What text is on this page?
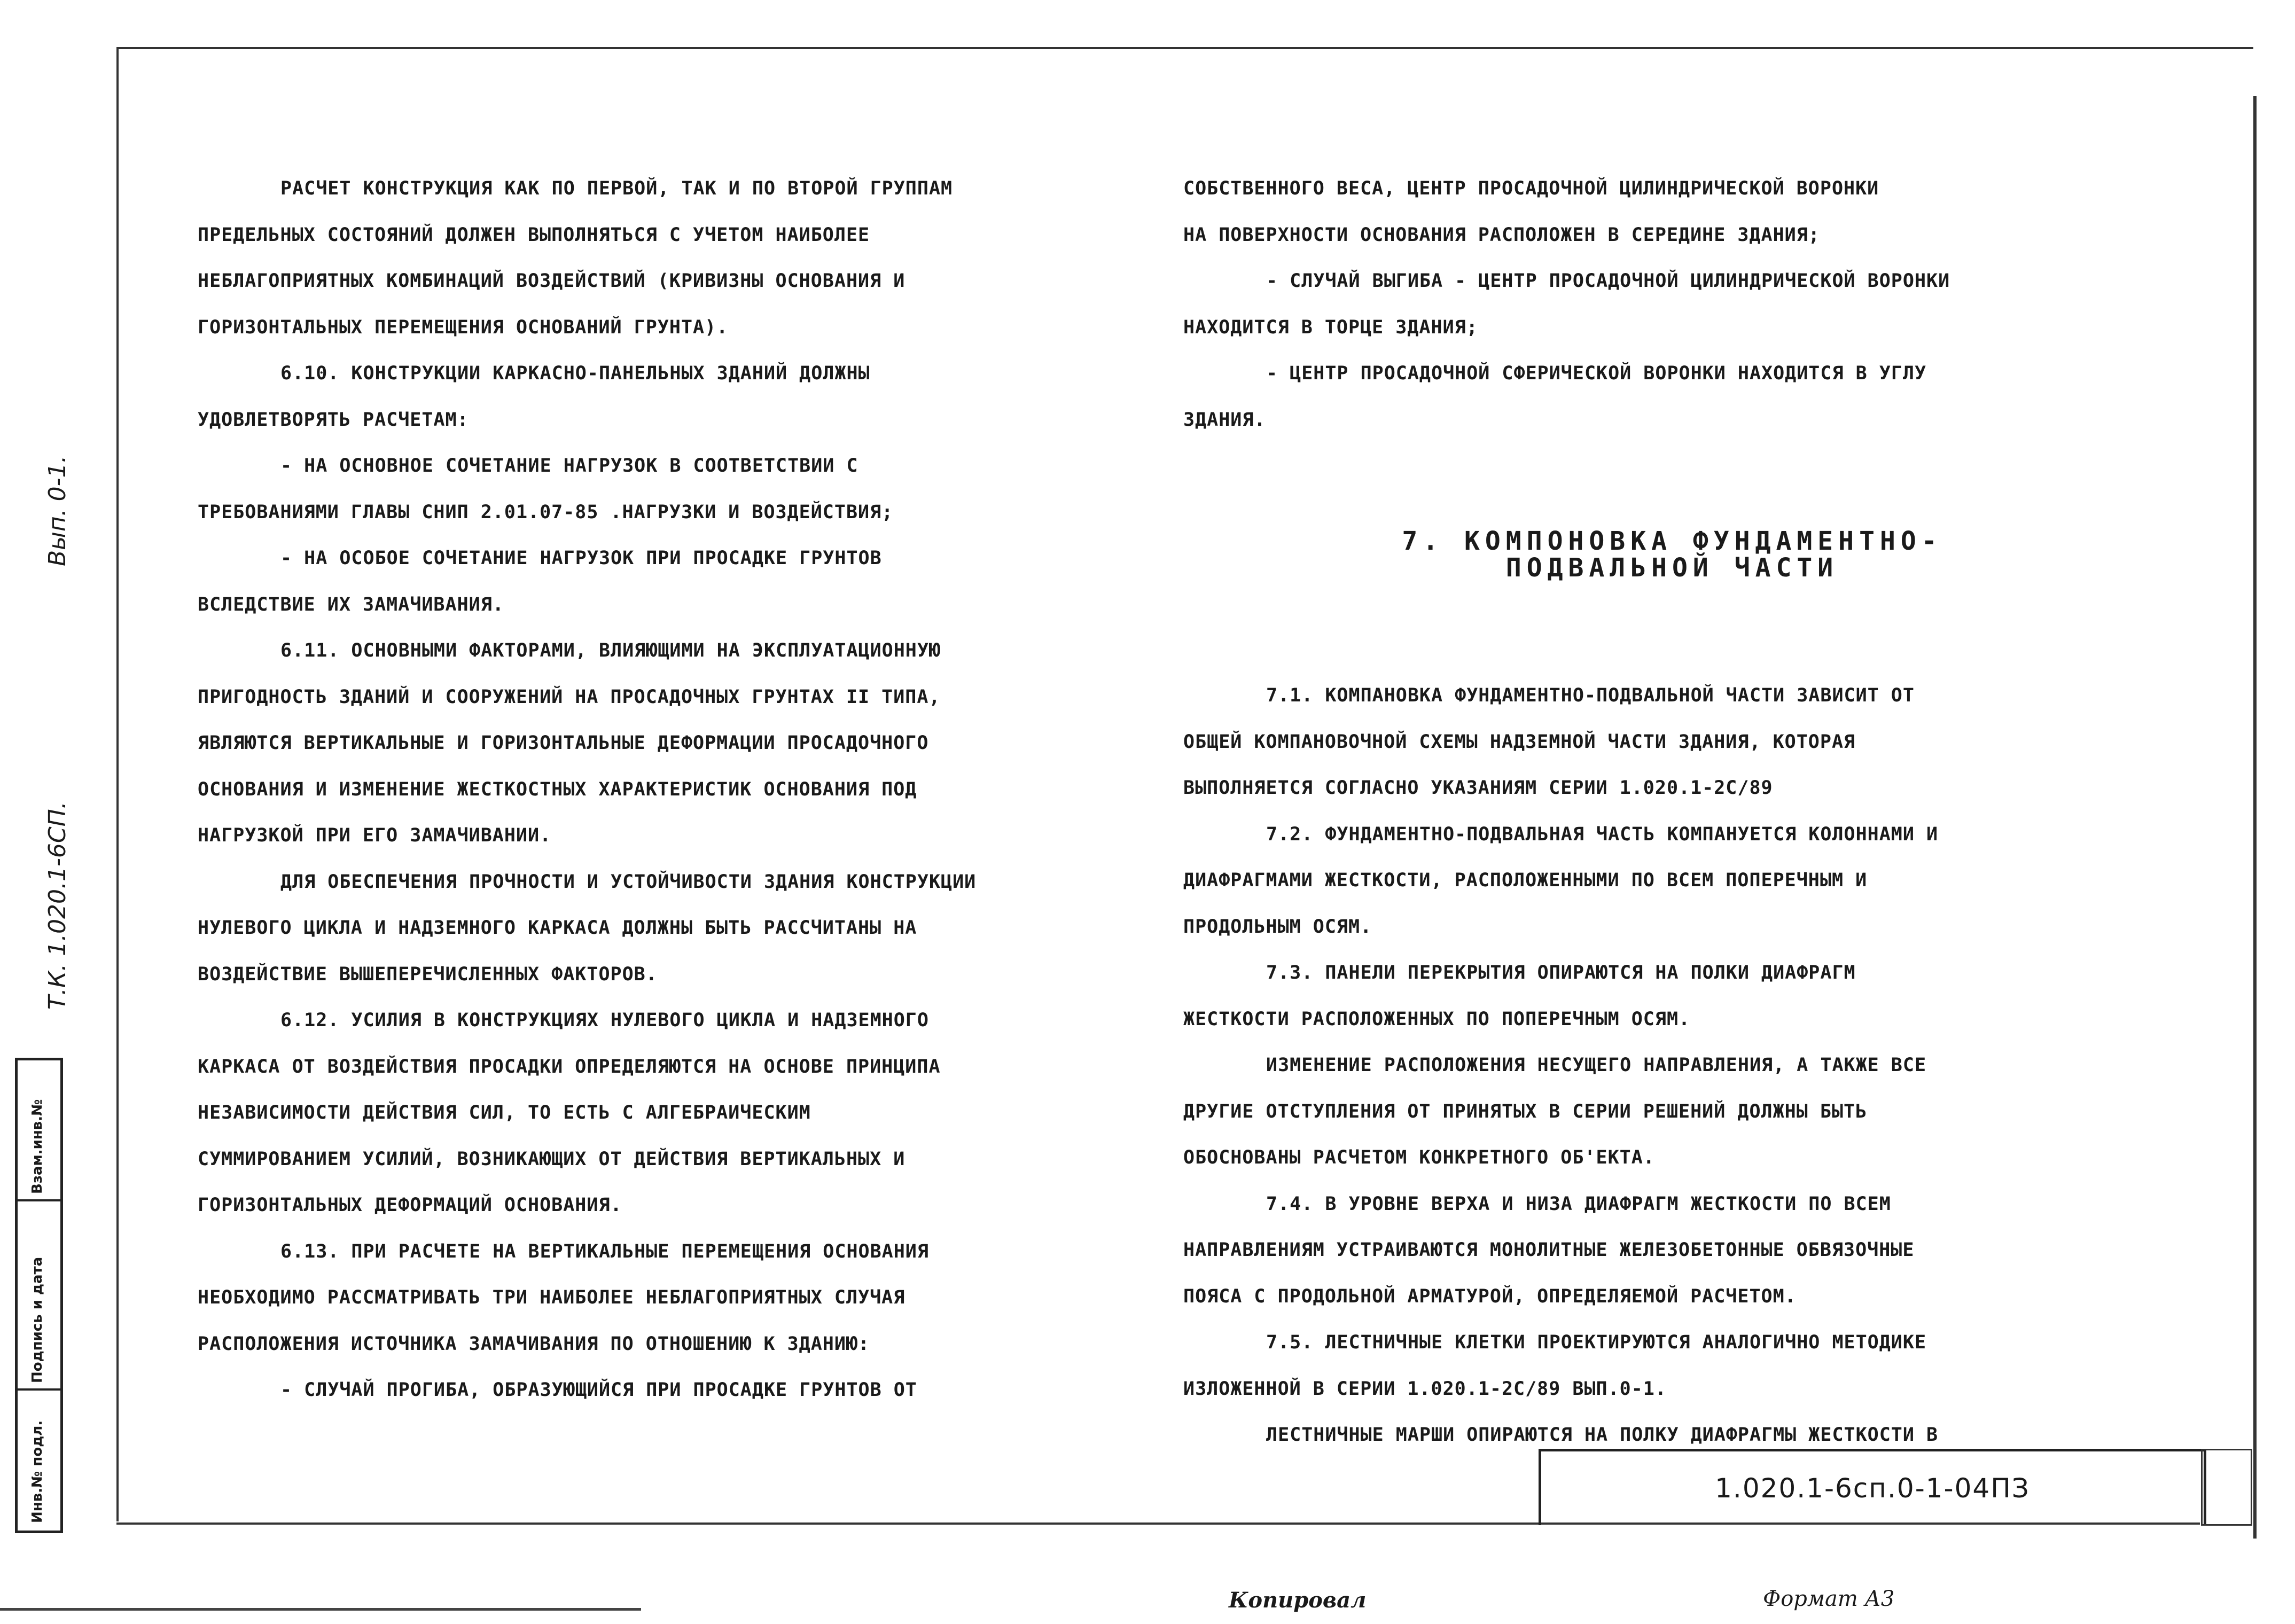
Вып. 0-1.
Т.К. 1.020.1-6СП.
Взам.инв.№
Подпись и дата
Инв.№ подл.
РАСЧЕТ КОНСТРУКЦИЯ КАК ПО ПЕРВОЙ, ТАК И ПО ВТОРОЙ ГРУППАМ
ПРЕДЕЛЬНЫХ СОСТОЯНИЙ ДОЛЖЕН ВЫПОЛНЯТЬСЯ С УЧЕТОМ НАИБОЛЕЕ
НЕБЛАГОПРИЯТНЫХ КОМБИНАЦИЙ ВОЗДЕЙСТВИЙ (КРИВИЗНЫ ОСНОВАНИЯ И
ГОРИЗОНТАЛЬНЫХ ПЕРЕМЕЩЕНИЯ ОСНОВАНИЙ ГРУНТА).
6.10. КОНСТРУКЦИИ КАРКАСНО-ПАНЕЛЬНЫХ ЗДАНИЙ ДОЛЖНЫ
УДОВЛЕТВОРЯТЬ РАСЧЕТАМ:
- НА ОСНОВНОЕ СОЧЕТАНИЕ НАГРУЗОК В СООТВЕТСТВИИ С
ТРЕБОВАНИЯМИ ГЛАВЫ СНИП 2.01.07-85 .НАГРУЗКИ И ВОЗДЕЙСТВИЯ;
- НА ОСОБОЕ СОЧЕТАНИЕ НАГРУЗОК ПРИ ПРОСАДКЕ ГРУНТОВ
ВСЛЕДСТВИЕ ИХ ЗАМАЧИВАНИЯ.
6.11. ОСНОВНЫМИ ФАКТОРАМИ, ВЛИЯЮЩИМИ НА ЭКСПЛУАТАЦИОННУЮ
ПРИГОДНОСТЬ ЗДАНИЙ И СООРУЖЕНИЙ НА ПРОСАДОЧНЫХ ГРУНТАХ II ТИПА,
ЯВЛЯЮТСЯ ВЕРТИКАЛЬНЫЕ И ГОРИЗОНТАЛЬНЫЕ ДЕФОРМАЦИИ ПРОСАДОЧНОГО
ОСНОВАНИЯ И ИЗМЕНЕНИЕ ЖЕСТКОСТНЫХ ХАРАКТЕРИСТИК ОСНОВАНИЯ ПОД
НАГРУЗКОЙ ПРИ ЕГО ЗАМАЧИВАНИИ.
ДЛЯ ОБЕСПЕЧЕНИЯ ПРОЧНОСТИ И УСТОЙЧИВОСТИ ЗДАНИЯ КОНСТРУКЦИИ
НУЛЕВОГО ЦИКЛА И НАДЗЕМНОГО КАРКАСА ДОЛЖНЫ БЫТЬ РАССЧИТАНЫ НА
ВОЗДЕЙСТВИЕ ВЫШЕПЕРЕЧИСЛЕННЫХ ФАКТОРОВ.
6.12. УСИЛИЯ В КОНСТРУКЦИЯХ НУЛЕВОГО ЦИКЛА И НАДЗЕМНОГО
КАРКАСА ОТ ВОЗДЕЙСТВИЯ ПРОСАДКИ ОПРЕДЕЛЯЮТСЯ НА ОСНОВЕ ПРИНЦИПА
НЕЗАВИСИМОСТИ ДЕЙСТВИЯ СИЛ, ТО ЕСТЬ С АЛГЕБРАИЧЕСКИМ
СУММИРОВАНИЕМ УСИЛИЙ, ВОЗНИКАЮЩИХ ОТ ДЕЙСТВИЯ ВЕРТИКАЛЬНЫХ И
ГОРИЗОНТАЛЬНЫХ ДЕФОРМАЦИЙ ОСНОВАНИЯ.
6.13. ПРИ РАСЧЕТЕ НА ВЕРТИКАЛЬНЫЕ ПЕРЕМЕЩЕНИЯ ОСНОВАНИЯ
НЕОБХОДИМО РАССМАТРИВАТЬ ТРИ НАИБОЛЕЕ НЕБЛАГОПРИЯТНЫХ СЛУЧАЯ
РАСПОЛОЖЕНИЯ ИСТОЧНИКА ЗАМАЧИВАНИЯ ПО ОТНОШЕНИЮ К ЗДАНИЮ:
- СЛУЧАЙ ПРОГИБА, ОБРАЗУЮЩИЙСЯ ПРИ ПРОСАДКЕ ГРУНТОВ ОТ
СОБСТВЕННОГО ВЕСА, ЦЕНТР ПРОСАДОЧНОЙ ЦИЛИНДРИЧЕСКОЙ ВОРОНКИ
НА ПОВЕРХНОСТИ ОСНОВАНИЯ РАСПОЛОЖЕН В СЕРЕДИНЕ ЗДАНИЯ;
- СЛУЧАЙ ВЫГИБА - ЦЕНТР ПРОСАДОЧНОЙ ЦИЛИНДРИЧЕСКОЙ ВОРОНКИ
НАХОДИТСЯ В ТОРЦЕ ЗДАНИЯ;
- ЦЕНТР ПРОСАДОЧНОЙ СФЕРИЧЕСКОЙ ВОРОНКИ НАХОДИТСЯ В УГЛУ
ЗДАНИЯ.
7. КОМПОНОВКА ФУНДАМЕНТНО-
ПОДВАЛЬНОЙ ЧАСТИ
7.1. КОМПАНОВКА ФУНДАМЕНТНО-ПОДВАЛЬНОЙ ЧАСТИ ЗАВИСИТ ОТ
ОБЩЕЙ КОМПАНОВОЧНОЙ СХЕМЫ НАДЗЕМНОЙ ЧАСТИ ЗДАНИЯ, КОТОРАЯ
ВЫПОЛНЯЕТСЯ СОГЛАСНО УКАЗАНИЯМ СЕРИИ 1.020.1-2С/89
7.2. ФУНДАМЕНТНО-ПОДВАЛЬНАЯ ЧАСТЬ КОМПАНУЕТСЯ КОЛОННАМИ И
ДИАФРАГМАМИ ЖЕСТКОСТИ, РАСПОЛОЖЕННЫМИ ПО ВСЕМ ПОПЕРЕЧНЫМ И
ПРОДОЛЬНЫМ ОСЯМ.
7.3. ПАНЕЛИ ПЕРЕКРЫТИЯ ОПИРАЮТСЯ НА ПОЛКИ ДИАФРАГМ
ЖЕСТКОСТИ РАСПОЛОЖЕННЫХ ПО ПОПЕРЕЧНЫМ ОСЯМ.
ИЗМЕНЕНИЕ РАСПОЛОЖЕНИЯ НЕСУЩЕГО НАПРАВЛЕНИЯ, А ТАКЖЕ ВСЕ
ДРУГИЕ ОТСТУПЛЕНИЯ ОТ ПРИНЯТЫХ В СЕРИИ РЕШЕНИЙ ДОЛЖНЫ БЫТЬ
ОБОСНОВАНЫ РАСЧЕТОМ КОНКРЕТНОГО ОБ'ЕКТА.
7.4. В УРОВНЕ ВЕРХА И НИЗА ДИАФРАГМ ЖЕСТКОСТИ ПО ВСЕМ
НАПРАВЛЕНИЯМ УСТРАИВАЮТСЯ МОНОЛИТНЫЕ ЖЕЛЕЗОБЕТОННЫЕ ОБВЯЗОЧНЫЕ
ПОЯСА С ПРОДОЛЬНОЙ АРМАТУРОЙ, ОПРЕДЕЛЯЕМОЙ РАСЧЕТОМ.
7.5. ЛЕСТНИЧНЫЕ КЛЕТКИ ПРОЕКТИРУЮТСЯ АНАЛОГИЧНО МЕТОДИКЕ
ИЗЛОЖЕННОЙ В СЕРИИ 1.020.1-2С/89 ВЫП.0-1.
ЛЕСТНИЧНЫЕ МАРШИ ОПИРАЮТСЯ НА ПОЛКУ ДИАФРАГМЫ ЖЕСТКОСТИ В
1.020.1-6сп.0-1-04ПЗ
Копировал	Формат А3
